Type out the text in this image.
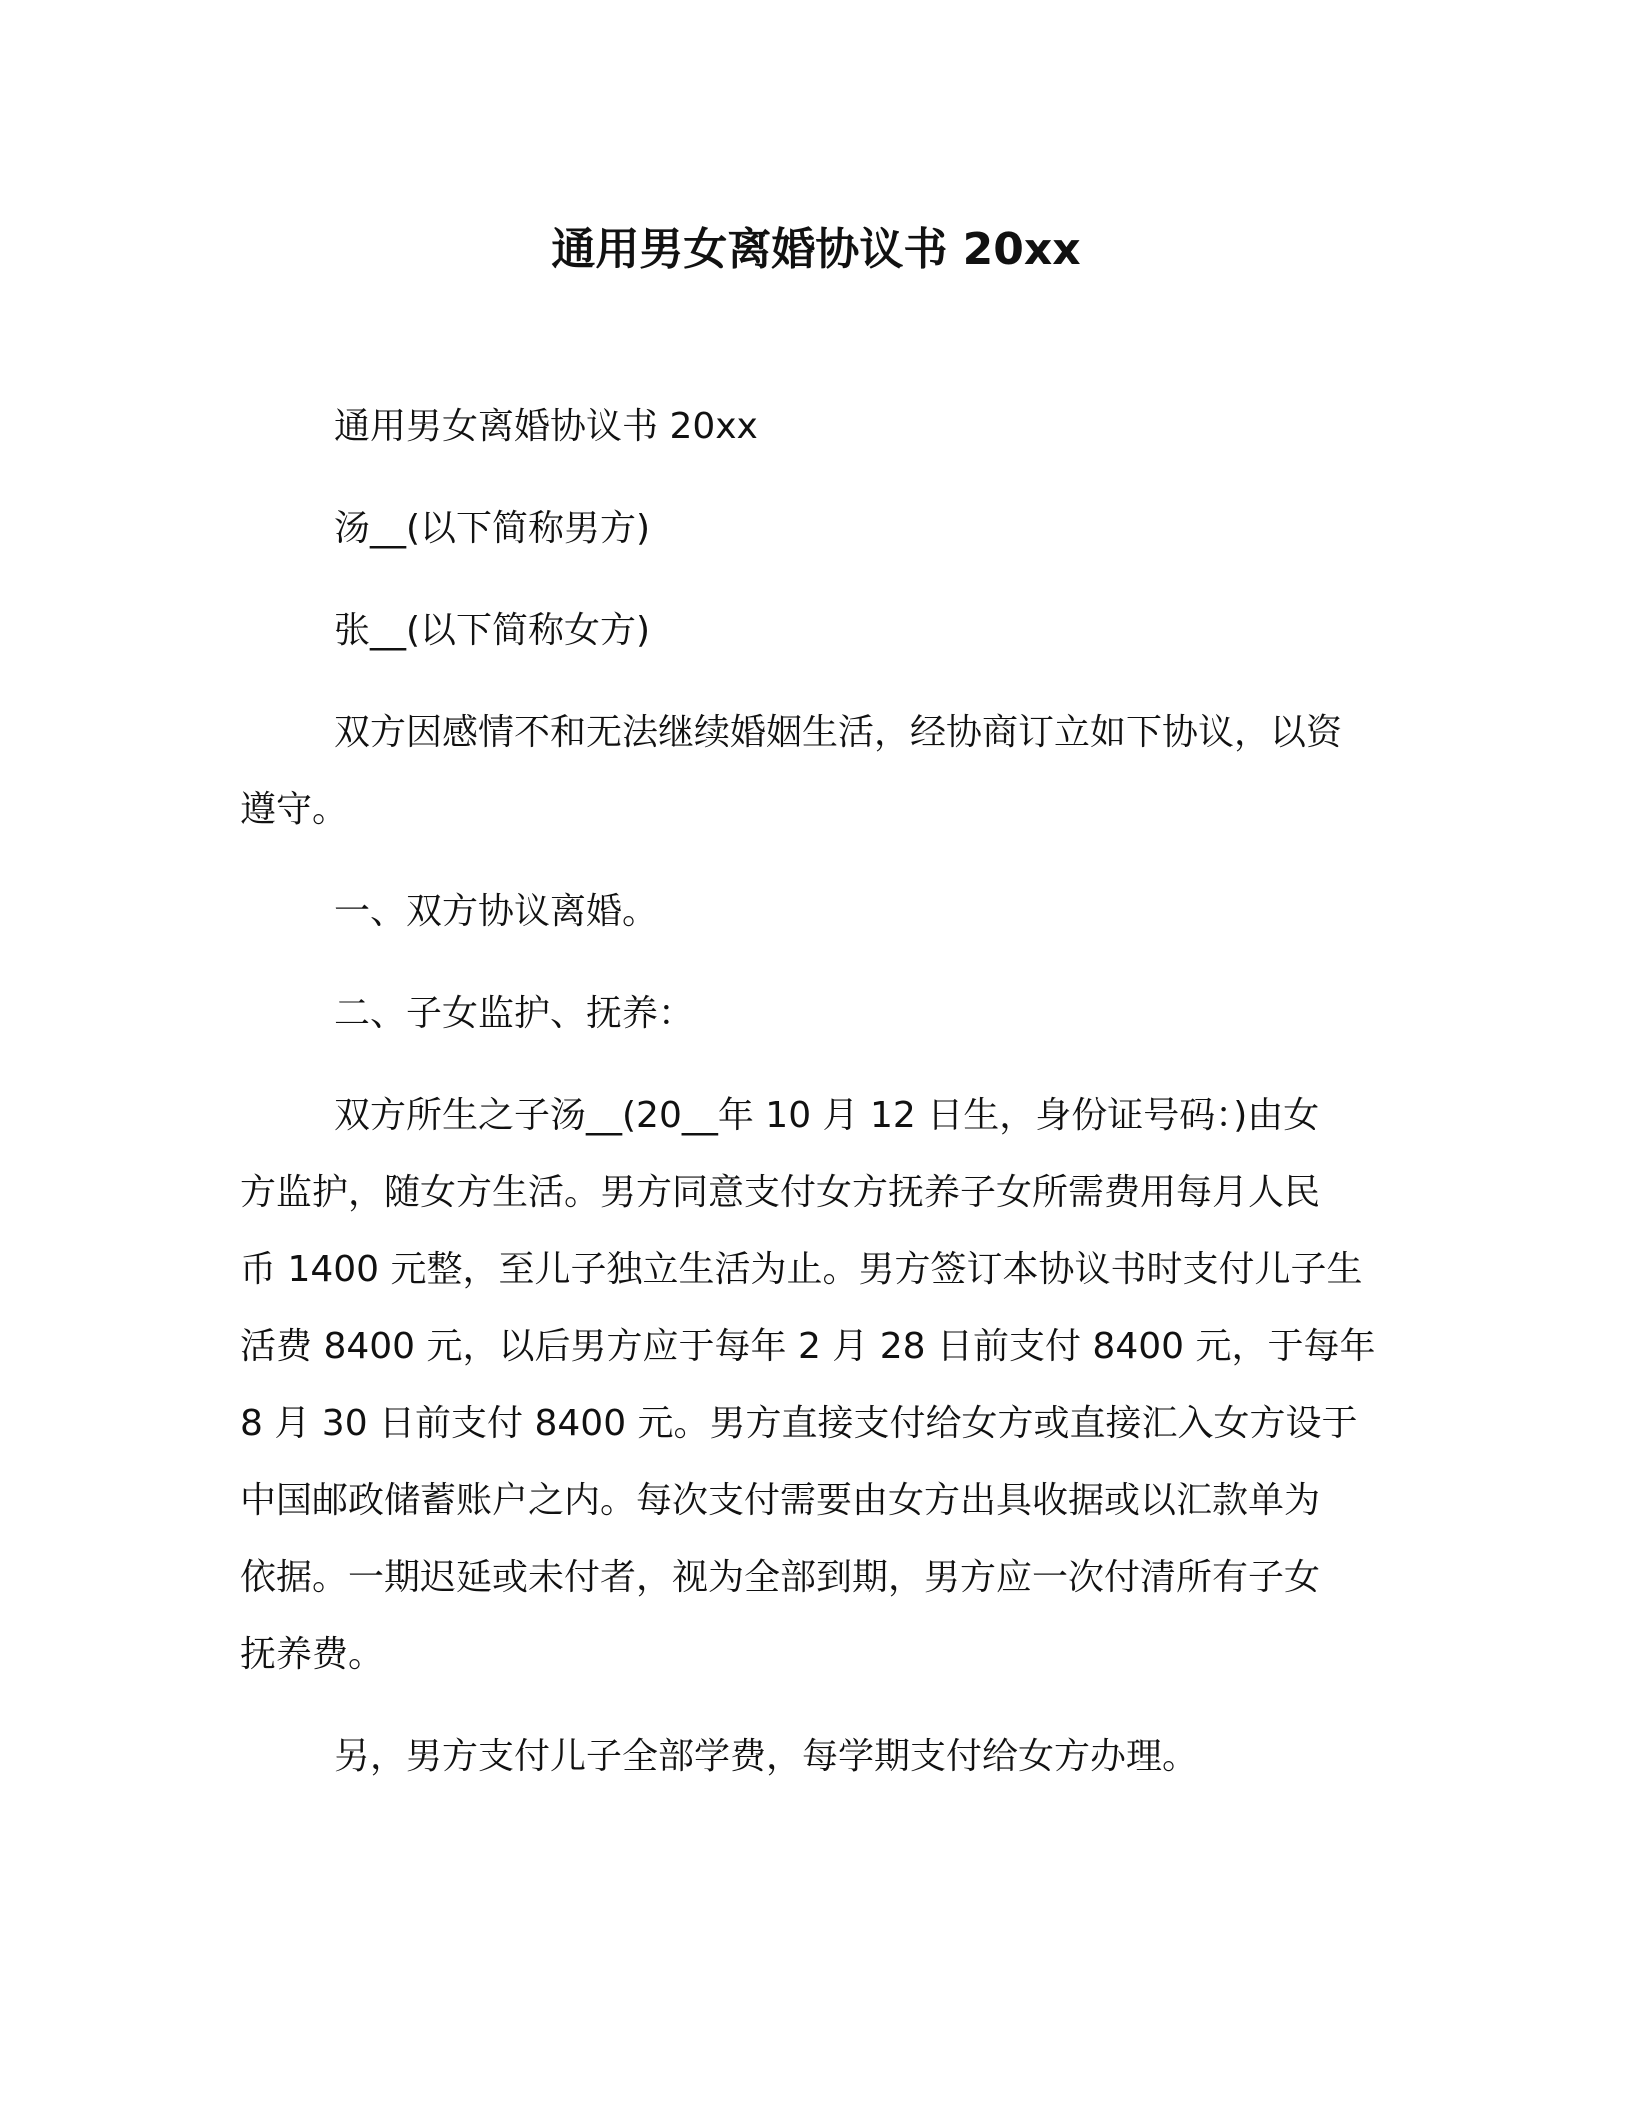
通用男女离婚协议书 20xx

通用男女离婚协议书 20xx

汤__(以下简称男方)

张__(以下简称女方)

双方因感情不和无法继续婚姻生活，经协商订立如下协议，以资
遵守。

一、双方协议离婚。

二、子女监护、抚养：

双方所生之子汤__(20__年 10 月 12 日生，身份证号码：)由女
方监护，随女方生活。男方同意支付女方抚养子女所需费用每月人民
币 1400 元整，至儿子独立生活为止。男方签订本协议书时支付儿子生
活费 8400 元，以后男方应于每年 2 月 28 日前支付 8400 元，于每年
8 月 30 日前支付 8400 元。男方直接支付给女方或直接汇入女方设于
中国邮政储蓄账户之内。每次支付需要由女方出具收据或以汇款单为
依据。一期迟延或未付者，视为全部到期，男方应一次付清所有子女
抚养费。

另，男方支付儿子全部学费，每学期支付给女方办理。
